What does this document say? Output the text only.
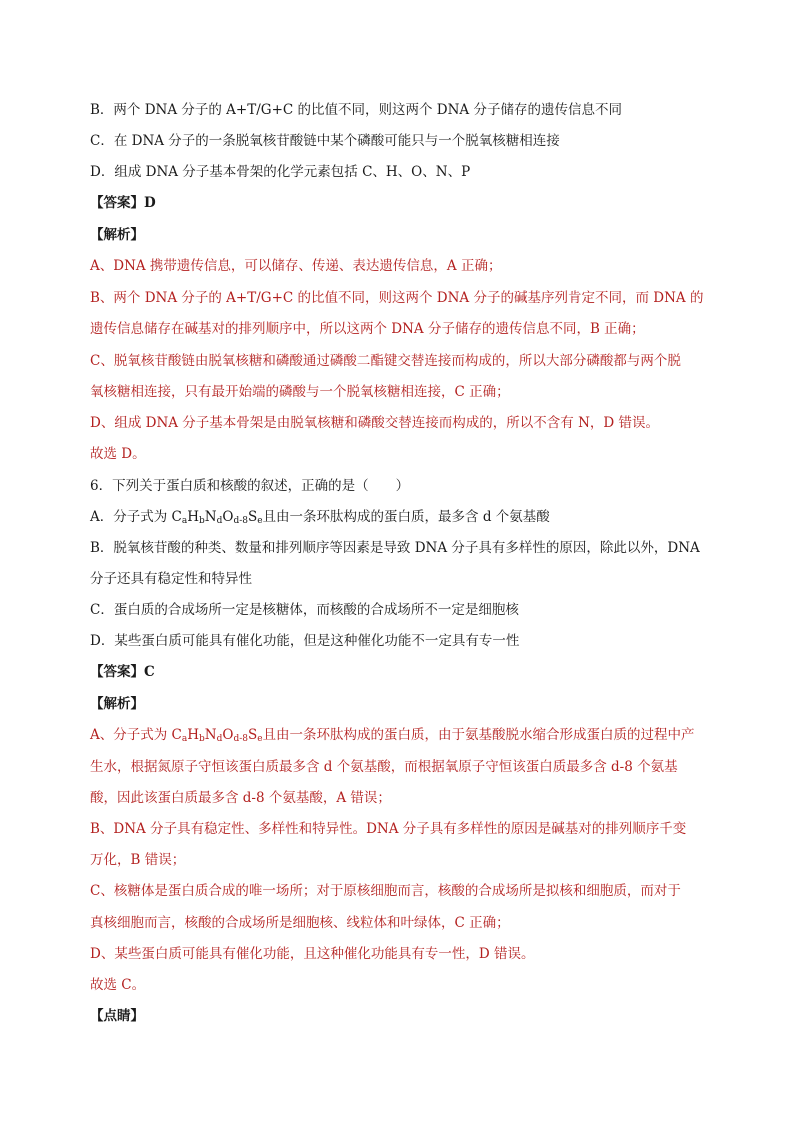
B．两个 DNA 分子的 A+T/G+C 的比值不同，则这两个 DNA 分子储存的遗传信息不同
C．在 DNA 分子的一条脱氧核苷酸链中某个磷酸可能只与一个脱氧核糖相连接
D．组成 DNA 分子基本骨架的化学元素包括 C、H、O、N、P
【答案】D
【解析】
A、DNA 携带遗传信息，可以储存、传递、表达遗传信息，A 正确；
B、两个 DNA 分子的 A+T/G+C 的比值不同，则这两个 DNA 分子的碱基序列肯定不同，而 DNA 的
遗传信息储存在碱基对的排列顺序中，所以这两个 DNA 分子储存的遗传信息不同，B 正确；
C、脱氧核苷酸链由脱氧核糖和磷酸通过磷酸二酯键交替连接而构成的，所以大部分磷酸都与两个脱
氧核糖相连接，只有最开始端的磷酸与一个脱氧核糖相连接，C 正确；
D、组成 DNA 分子基本骨架是由脱氧核糖和磷酸交替连接而构成的，所以不含有 N，D 错误。
故选 D。
6．下列关于蛋白质和核酸的叙述，正确的是（　　）
A．分子式为 $C_aH_bN_dO_{d-8}S_e$且由一条环肽构成的蛋白质，最多含 d 个氨基酸
B．脱氧核苷酸的种类、数量和排列顺序等因素是导致 DNA 分子具有多样性的原因，除此以外，DNA
分子还具有稳定性和特异性
C．蛋白质的合成场所一定是核糖体，而核酸的合成场所不一定是细胞核
D．某些蛋白质可能具有催化功能，但是这种催化功能不一定具有专一性
【答案】C
【解析】
A、分子式为 $C_aH_bN_dO_{d-8}S_e$且由一条环肽构成的蛋白质，由于氨基酸脱水缩合形成蛋白质的过程中产
生水，根据氮原子守恒该蛋白质最多含 d 个氨基酸，而根据氧原子守恒该蛋白质最多含 d-8 个氨基
酸，因此该蛋白质最多含 d-8 个氨基酸，A 错误；
B、DNA 分子具有稳定性、多样性和特异性。DNA 分子具有多样性的原因是碱基对的排列顺序千变
万化，B 错误；
C、核糖体是蛋白质合成的唯一场所；对于原核细胞而言，核酸的合成场所是拟核和细胞质，而对于
真核细胞而言，核酸的合成场所是细胞核、线粒体和叶绿体，C 正确；
D、某些蛋白质可能具有催化功能，且这种催化功能具有专一性，D 错误。
故选 C。
【点睛】
